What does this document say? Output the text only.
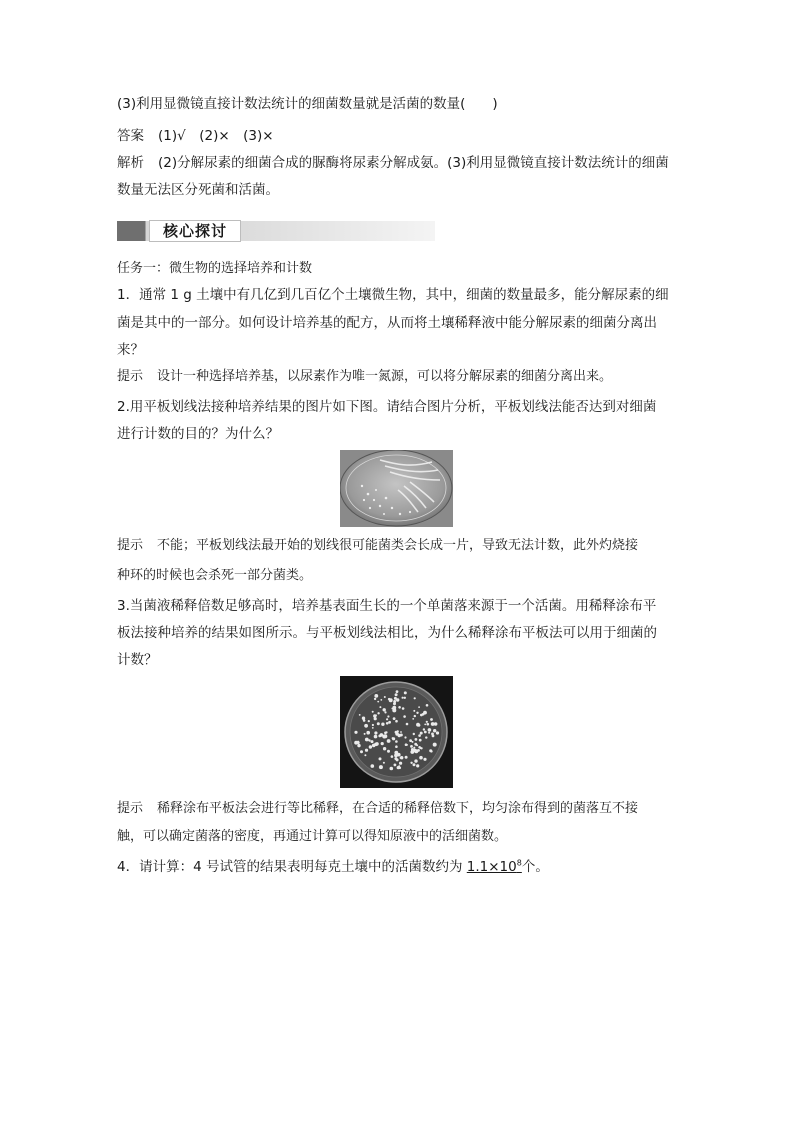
(3)利用显微镜直接计数法统计的细菌数量就是活菌的数量(　　)
答案 (1)√　(2)×　(3)×
解析 (2)分解尿素的细菌合成的脲酶将尿素分解成氨。(3)利用显微镜直接计数法统计的细菌
数量无法区分死菌和活菌。
核心探讨
任务一：微生物的选择培养和计数
1．通常 1 g 土壤中有几亿到几百亿个土壤微生物，其中，细菌的数量最多，能分解尿素的细
菌是其中的一部分。如何设计培养基的配方，从而将土壤稀释液中能分解尿素的细菌分离出
来？
提示 设计一种选择培养基，以尿素作为唯一氮源，可以将分解尿素的细菌分离出来。
2.用平板划线法接种培养结果的图片如下图。请结合图片分析，平板划线法能否达到对细菌
进行计数的目的？为什么？
提示 不能；平板划线法最开始的划线很可能菌类会长成一片，导致无法计数，此外灼烧接
种环的时候也会杀死一部分菌类。
3.当菌液稀释倍数足够高时，培养基表面生长的一个单菌落来源于一个活菌。用稀释涂布平
板法接种培养的结果如图所示。与平板划线法相比，为什么稀释涂布平板法可以用于细菌的
计数？
提示 稀释涂布平板法会进行等比稀释，在合适的稀释倍数下，均匀涂布得到的菌落互不接
触，可以确定菌落的密度，再通过计算可以得知原液中的活细菌数。
4．请计算：4 号试管的结果表明每克土壤中的活菌数约为 $1.1\times 10^8$个。
